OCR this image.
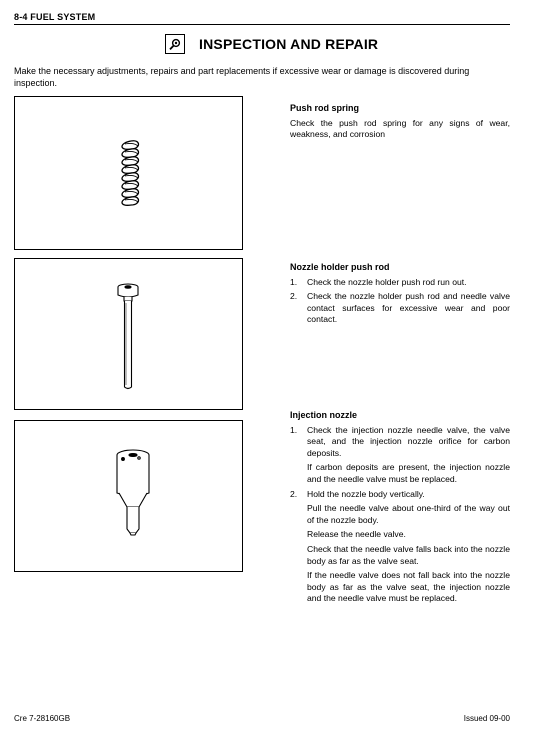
8-4 FUEL SYSTEM
INSPECTION AND REPAIR
Make the necessary adjustments, repairs and part replacements if excessive wear or damage is discovered during inspection.
Push rod spring

Check the push rod spring for any signs of wear, weakness, and corrosion

Nozzle holder push rod
1. Check the nozzle holder push rod run out.

2. Check the nozzle holder push rod and needle valve contact surfaces for excessive wear and poor contact.

Injection nozzle
1. Check the injection nozzle needle valve, the valve seat, and the injection nozzle orifice for carbon deposits.

If carbon deposits are present, the injection nozzle and the needle valve must be replaced.

2. Hold the nozzle body vertically.

Pull the needle valve about one-third of the way out of the nozzle body.

Release the needle valve.

Check that the needle valve falls back into the nozzle body as far as the valve seat.

If the needle valve does not fall back into the nozzle body as far as the valve seat, the injection nozzle and the needle valve must be replaced.

Cre 7-28160GB	Issued 09-00
